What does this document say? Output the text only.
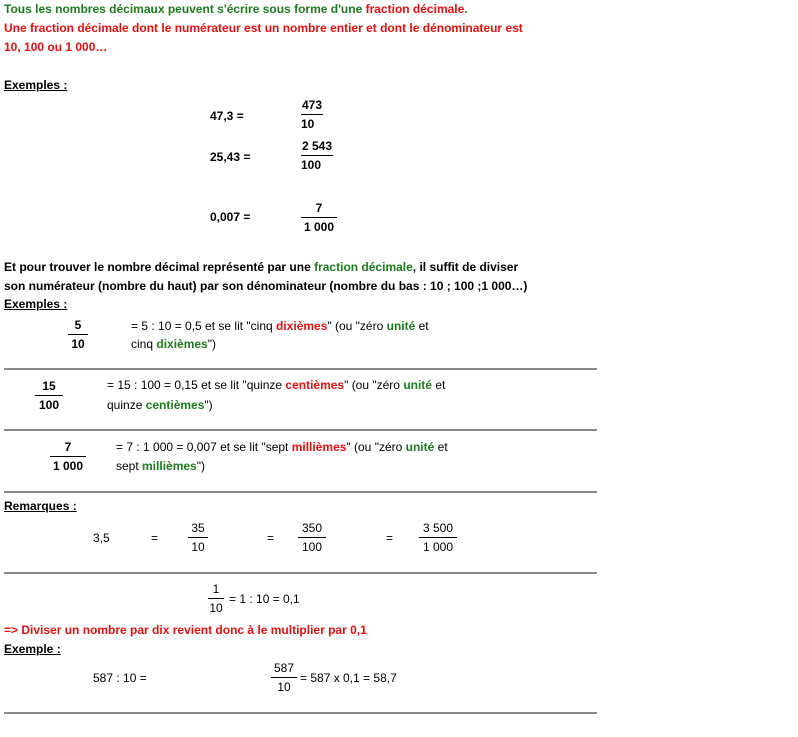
Tous les nombres décimaux peuvent s'écrire sous forme d'une fraction décimale.
Une fraction décimale dont le numérateur est un nombre entier et dont le dénominateur est
10, 100 ou 1 000…
Exemples :
47,3 =	$\frac{473}{10}$
25,43 =	$\frac{2 543}{100}$
0,007 =	$\frac{7}{1 000}$
Et pour trouver le nombre décimal représenté par une fraction décimale, il suffit de diviser
son numérateur (nombre du haut) par son dénominateur (nombre du bas : 10 ; 100 ;1 000…)
Exemples :
$\frac{5}{10}$	= 5 : 10 = 0,5 et se lit "cinq dixièmes" (ou "zéro unité et
cinq dixièmes")
$\frac{15}{100}$	= 15 : 100 = 0,15 et se lit "quinze centièmes" (ou "zéro unité et
quinze centièmes")
$\frac{7}{1 000}$	= 7 : 1 000 = 0,007 et se lit "sept millièmes" (ou "zéro unité et
sept millièmes")
Remarques :
3,5	= $\frac{35}{10}$	= $\frac{350}{100}$	= $\frac{3 500}{1 000}$
$\frac{1}{10} = 1$ : 10 = 0,1
=> Diviser un nombre par dix revient donc à le multiplier par 0,1
Exemple :
587 : 10 =	$\frac{587}{10} = 587$ x 0,1 = 58,7
